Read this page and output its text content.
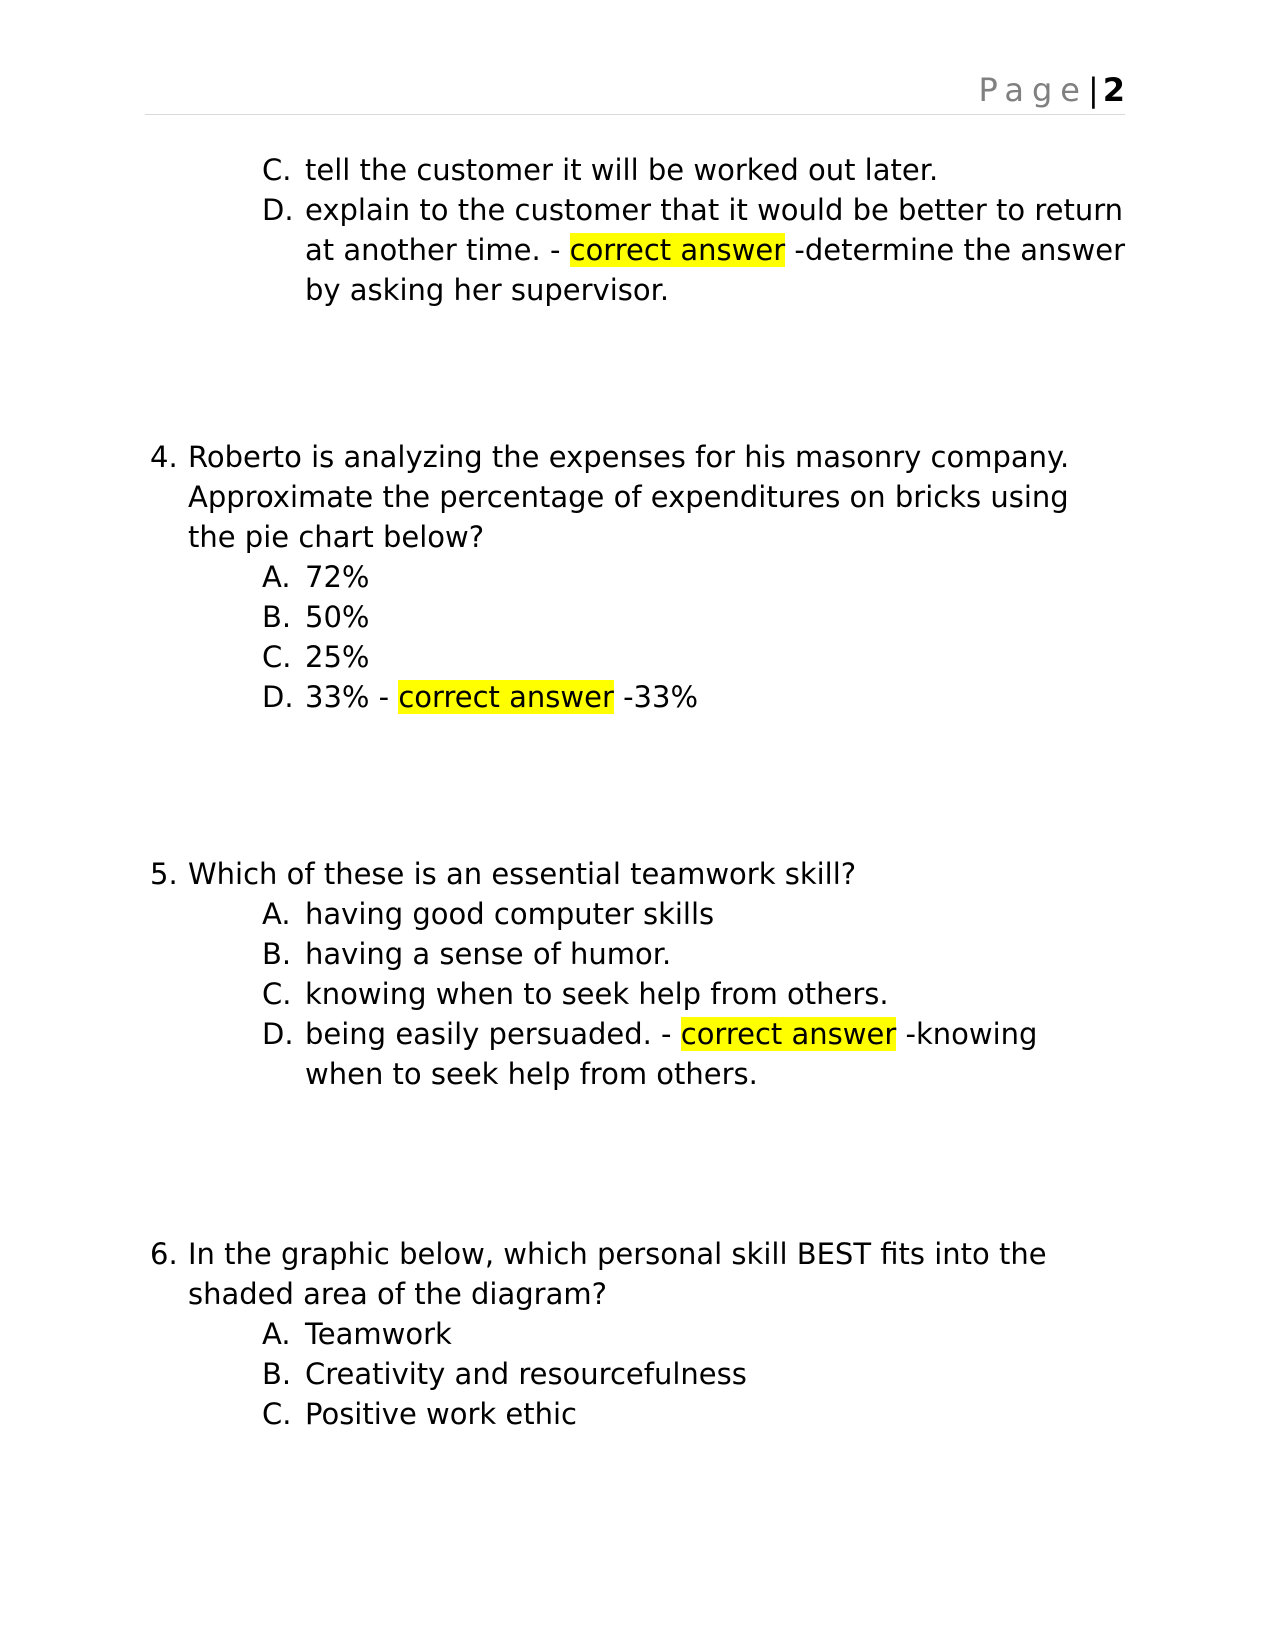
Page| 2
C. tell the customer it will be worked out later.
D. explain to the customer that it would be better to return
at another time. - correct answer -determine the answer
by asking her supervisor.
4. Roberto is analyzing the expenses for his masonry company.
Approximate the percentage of expenditures on bricks using
the pie chart below?
A. 72%
B. 50%
C. 25%
D. 33% - correct answer -33%
5. Which of these is an essential teamwork skill?
A. having good computer skills
B. having a sense of humor.
C. knowing when to seek help from others.
D. being easily persuaded. - correct answer -knowing
when to seek help from others.
6. In the graphic below, which personal skill BEST fits into the
shaded area of the diagram?
A. Teamwork
B. Creativity and resourcefulness
C. Positive work ethic
